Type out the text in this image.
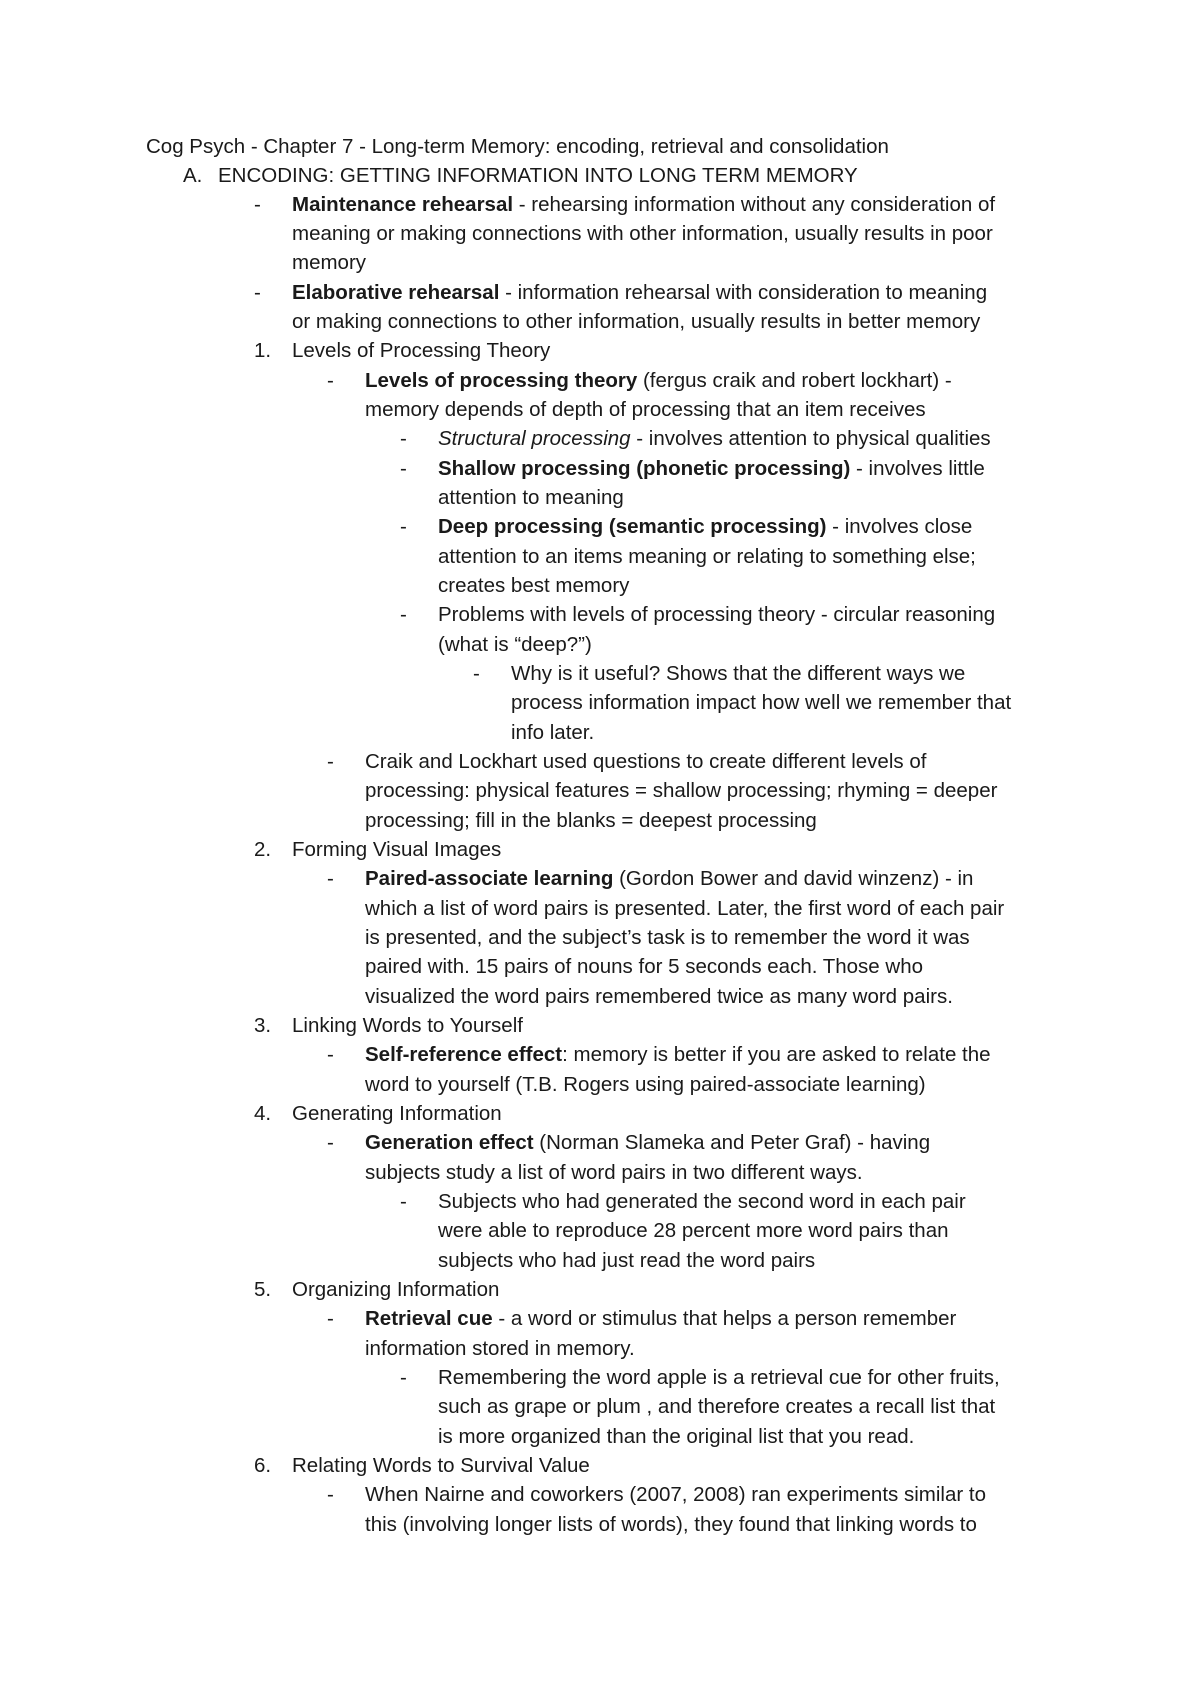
Cog Psych - Chapter 7 - Long-term Memory: encoding, retrieval and consolidation
A. ENCODING: GETTING INFORMATION INTO LONG TERM MEMORY
- Maintenance rehearsal - rehearsing information without any consideration of
meaning or making connections with other information, usually results in poor
memory
- Elaborative rehearsal - information rehearsal with consideration to meaning
or making connections to other information, usually results in better memory
1. Levels of Processing Theory
- Levels of processing theory (fergus craik and robert lockhart) -
memory depends of depth of processing that an item receives
- Structural processing - involves attention to physical qualities
- Shallow processing (phonetic processing) - involves little
attention to meaning
- Deep processing (semantic processing) - involves close
attention to an items meaning or relating to something else;
creates best memory
- Problems with levels of processing theory - circular reasoning
(what is “deep?”)
- Why is it useful? Shows that the different ways we
process information impact how well we remember that
info later.
- Craik and Lockhart used questions to create different levels of
processing: physical features = shallow processing; rhyming = deeper
processing; fill in the blanks = deepest processing
2. Forming Visual Images
- Paired-associate learning (Gordon Bower and david winzenz) - in
which a list of word pairs is presented. Later, the first word of each pair
is presented, and the subject’s task is to remember the word it was
paired with. 15 pairs of nouns for 5 seconds each. Those who
visualized the word pairs remembered twice as many word pairs.
3. Linking Words to Yourself
- Self-reference effect: memory is better if you are asked to relate the
word to yourself (T.B. Rogers using paired-associate learning)
4. Generating Information
- Generation effect (Norman Slameka and Peter Graf) - having
subjects study a list of word pairs in two different ways.
- Subjects who had generated the second word in each pair
were able to reproduce 28 percent more word pairs than
subjects who had just read the word pairs
5. Organizing Information
- Retrieval cue - a word or stimulus that helps a person remember
information stored in memory.
- Remembering the word apple is a retrieval cue for other fruits,
such as grape or plum , and therefore creates a recall list that
is more organized than the original list that you read.
6. Relating Words to Survival Value
- When Nairne and coworkers (2007, 2008) ran experiments similar to
this (involving longer lists of words), they found that linking words to
